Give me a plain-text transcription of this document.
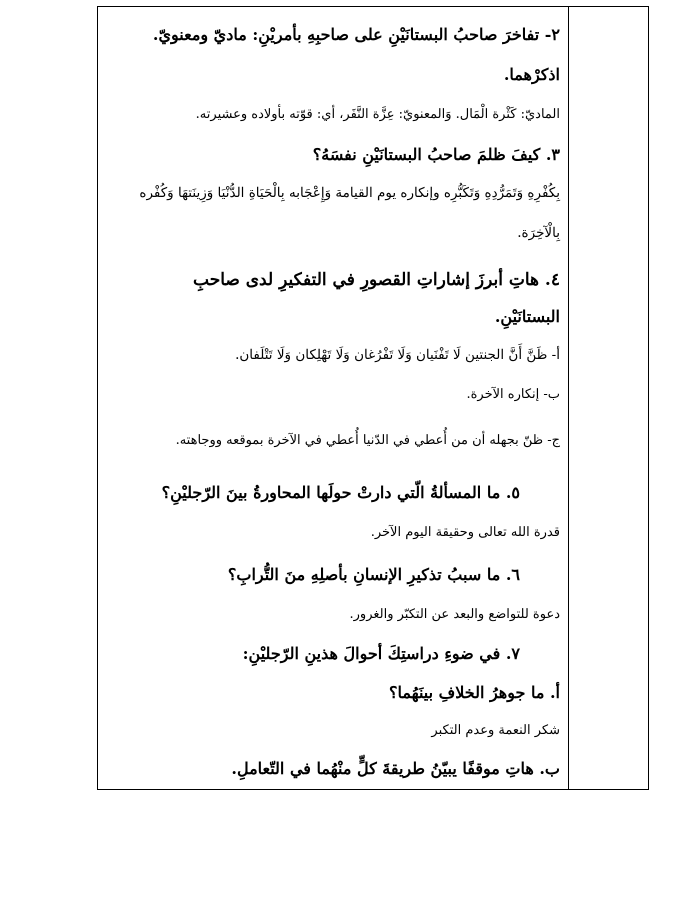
٢- تفاخرَ صاحبُ البستانَيْنِ على صاحبِهِ بأمريْنِ: ماديّ ومعنويّ.

اذكرْهما.

الماديّ: كَثْرة الْمَال. وَالمعنويّ: عِزَّة النَّفَر، أي: قوّته بأولاده وعشيرته.

٣. كيفَ ظلمَ صاحبُ البستانَيْنِ نفسَهُ؟

بِكُفْرِهِ وَتَمَرُّدِهِ وَتَكَبُّرِه وإنكاره يوم القيامة وَإِعْجَابه بِالْحَيَاةِ الدُّنْيَا وَزِينَتهَا وَكُفْره

بِالْآخِرَة.

٤. هاتِ أبرزَ إشاراتِ القصورِ في التفكيرِ لدى صاحبِ

البستانَيْنِ.

أ- ظَنَّ أَنَّ الجنتين لَا تَفْنَيان وَلَا تَفْرُغان وَلَا تَهْلِكان وَلَا تَتْلَفان.

ب- إنكاره الآخرة.

ج- ظنّ بجهله أن من أُعطي في الدّنيا أُعطي في الآخرة بموقعه ووجاهته.

٥. ما المسألةُ الّتي دارتْ حولَها المحاورةُ بينَ الرّجليْنِ؟

قدرة الله تعالى وحقيقة اليوم الآخر.

٦. ما سببُ تذكيرِ الإنسانِ بأصلِهِ منَ التُّرابِ؟

دعوة للتواضع والبعد عن التكبّر والغرور.

٧. في ضوءِ دراستِكَ أحوالَ هذينِ الرّجليْنِ:

أ. ما جوهرُ الخلافِ بينَهُما؟

شكر النعمة وعدم التكبر

ب. هاتِ موقفًا يبيّنُ طريقةَ كلٍّ منْهُما في التّعاملِ.
